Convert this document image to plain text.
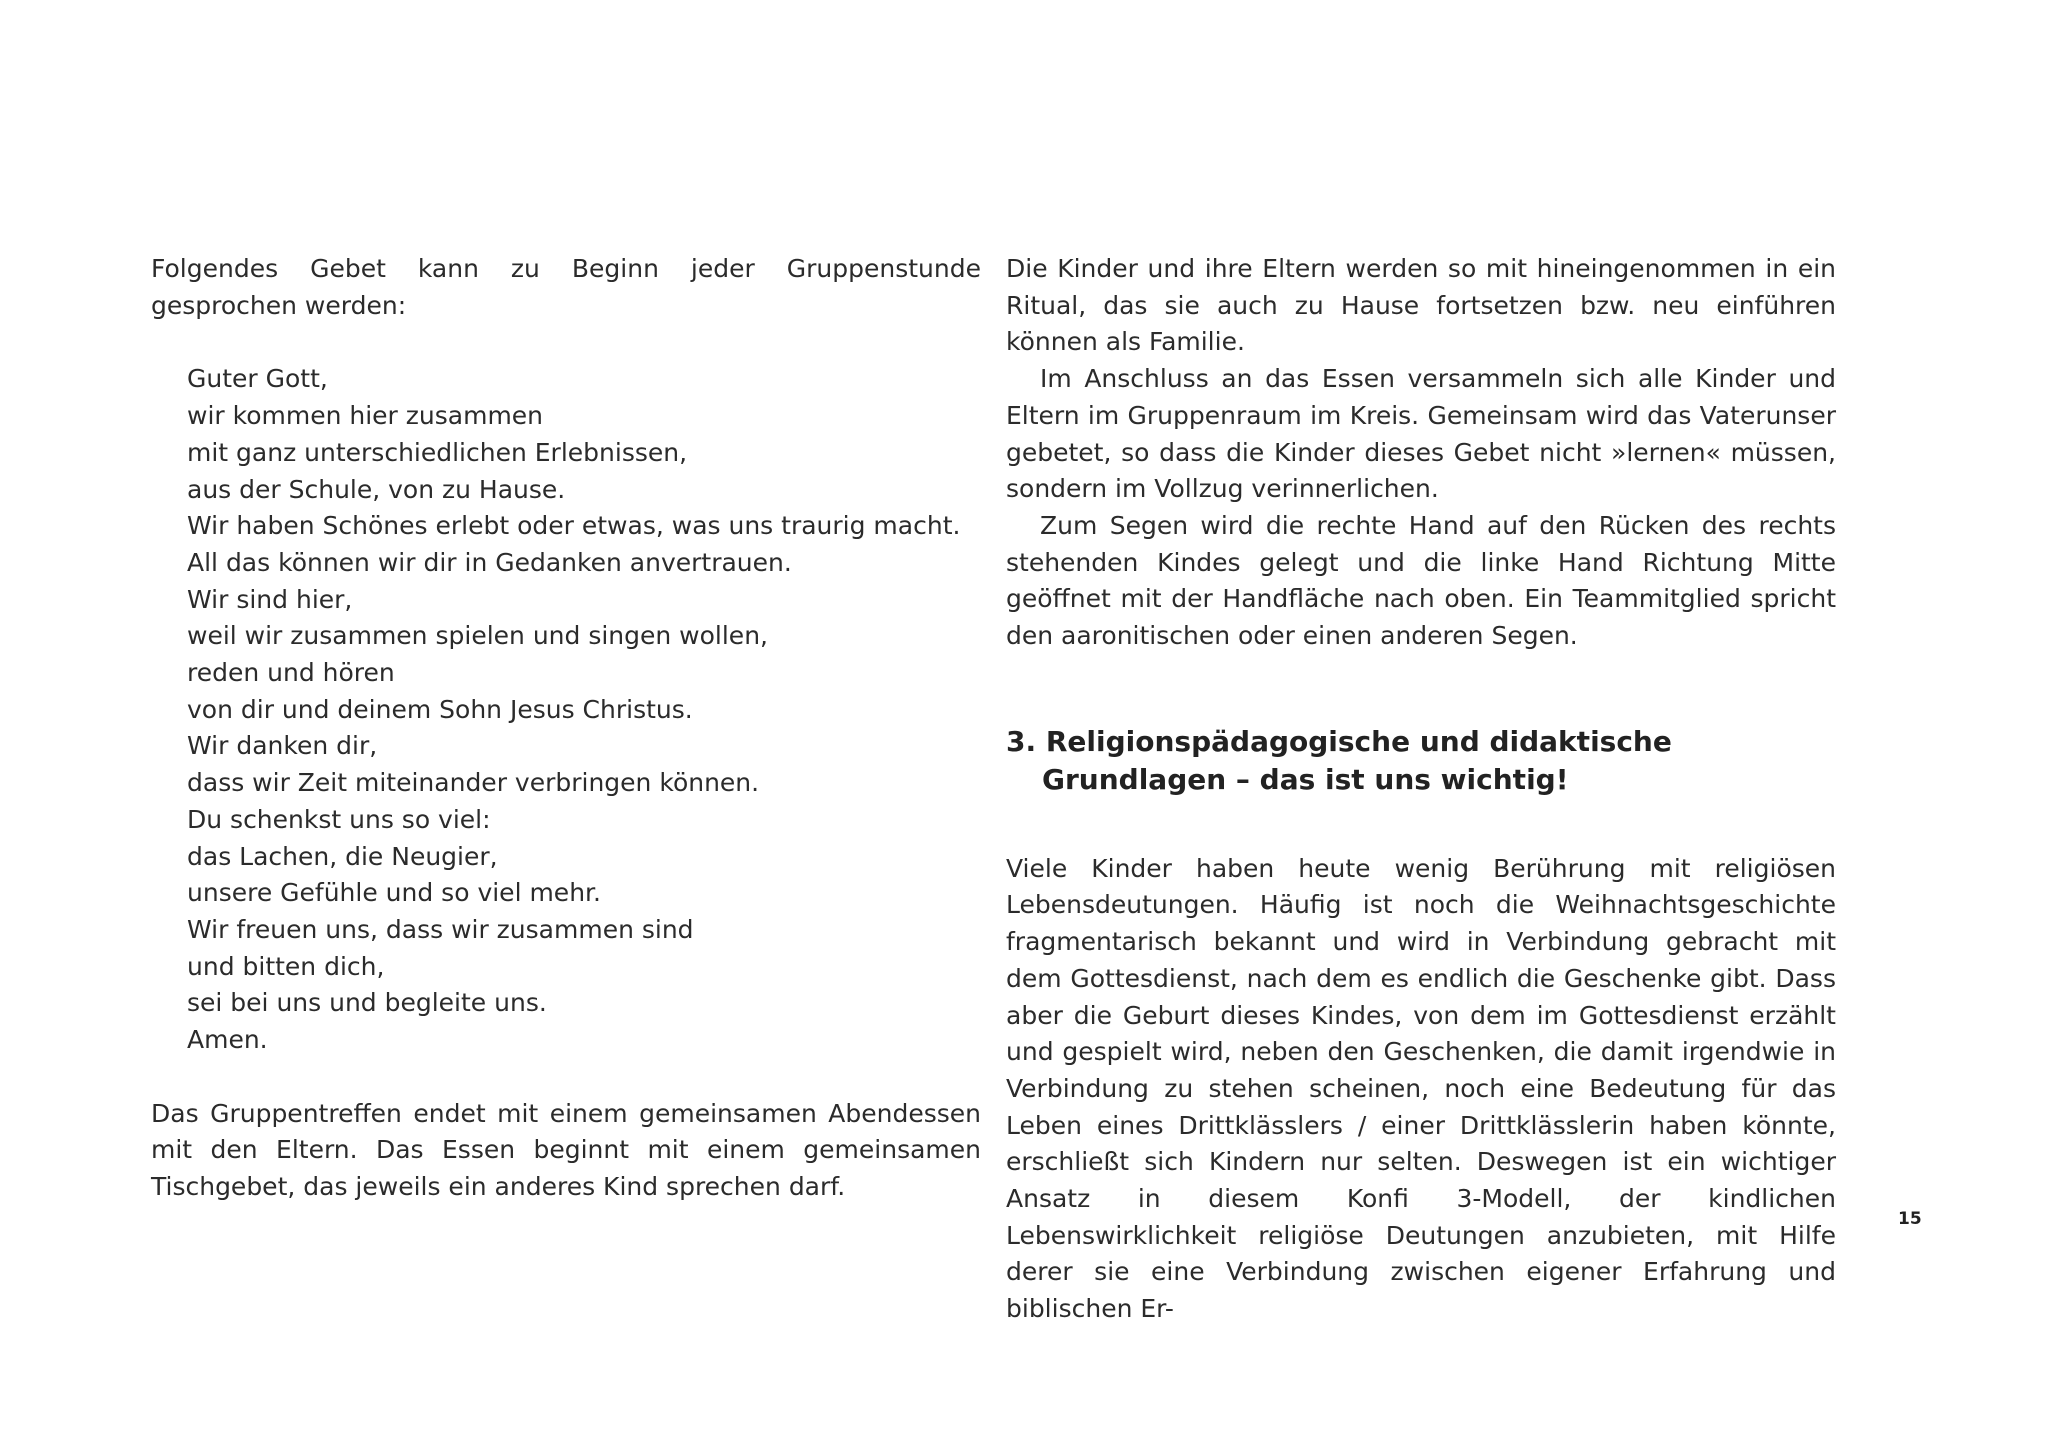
Folgendes Gebet kann zu Beginn jeder Gruppenstunde gesprochen werden:

Guter Gott,
wir kommen hier zusammen
mit ganz unterschiedlichen Erlebnissen,
aus der Schule, von zu Hause.
Wir haben Schönes erlebt oder etwas, was uns traurig macht.
All das können wir dir in Gedanken anvertrauen.
Wir sind hier,
weil wir zusammen spielen und singen wollen,
reden und hören
von dir und deinem Sohn Jesus Christus.
Wir danken dir,
dass wir Zeit miteinander verbringen können.
Du schenkst uns so viel:
das Lachen, die Neugier,
unsere Gefühle und so viel mehr.
Wir freuen uns, dass wir zusammen sind
und bitten dich,
sei bei uns und begleite uns.
Amen.

Das Gruppentreffen endet mit einem gemeinsamen Abendessen mit den Eltern. Das Essen beginnt mit einem gemeinsamen Tischgebet, das jeweils ein anderes Kind sprechen darf.

Die Kinder und ihre Eltern werden so mit hineingenommen in ein Ritual, das sie auch zu Hause fortsetzen bzw. neu einführen können als Familie.

Im Anschluss an das Essen versammeln sich alle Kinder und Eltern im Gruppenraum im Kreis. Gemeinsam wird das Vaterunser gebetet, so dass die Kinder dieses Gebet nicht »lernen« müssen, sondern im Vollzug verinnerlichen.

Zum Segen wird die rechte Hand auf den Rücken des rechts stehenden Kindes gelegt und die linke Hand Richtung Mitte geöffnet mit der Handfläche nach oben. Ein Teammitglied spricht den aaronitischen oder einen anderen Segen.

3. Religionspädagogische und didaktische Grundlagen – das ist uns wichtig!

Viele Kinder haben heute wenig Berührung mit religiösen Lebensdeutungen. Häufig ist noch die Weihnachtsgeschichte fragmentarisch bekannt und wird in Verbindung gebracht mit dem Gottesdienst, nach dem es endlich die Geschenke gibt. Dass aber die Geburt dieses Kindes, von dem im Gottesdienst erzählt und gespielt wird, neben den Geschenken, die damit irgendwie in Verbindung zu stehen scheinen, noch eine Bedeutung für das Leben eines Drittklässlers / einer Drittklässlerin haben könnte, erschließt sich Kindern nur selten. Deswegen ist ein wichtiger Ansatz in diesem Konfi 3-Modell, der kindlichen Lebenswirklichkeit religiöse Deutungen anzubieten, mit Hilfe derer sie eine Verbindung zwischen eigener Erfahrung und biblischen Er-

15
